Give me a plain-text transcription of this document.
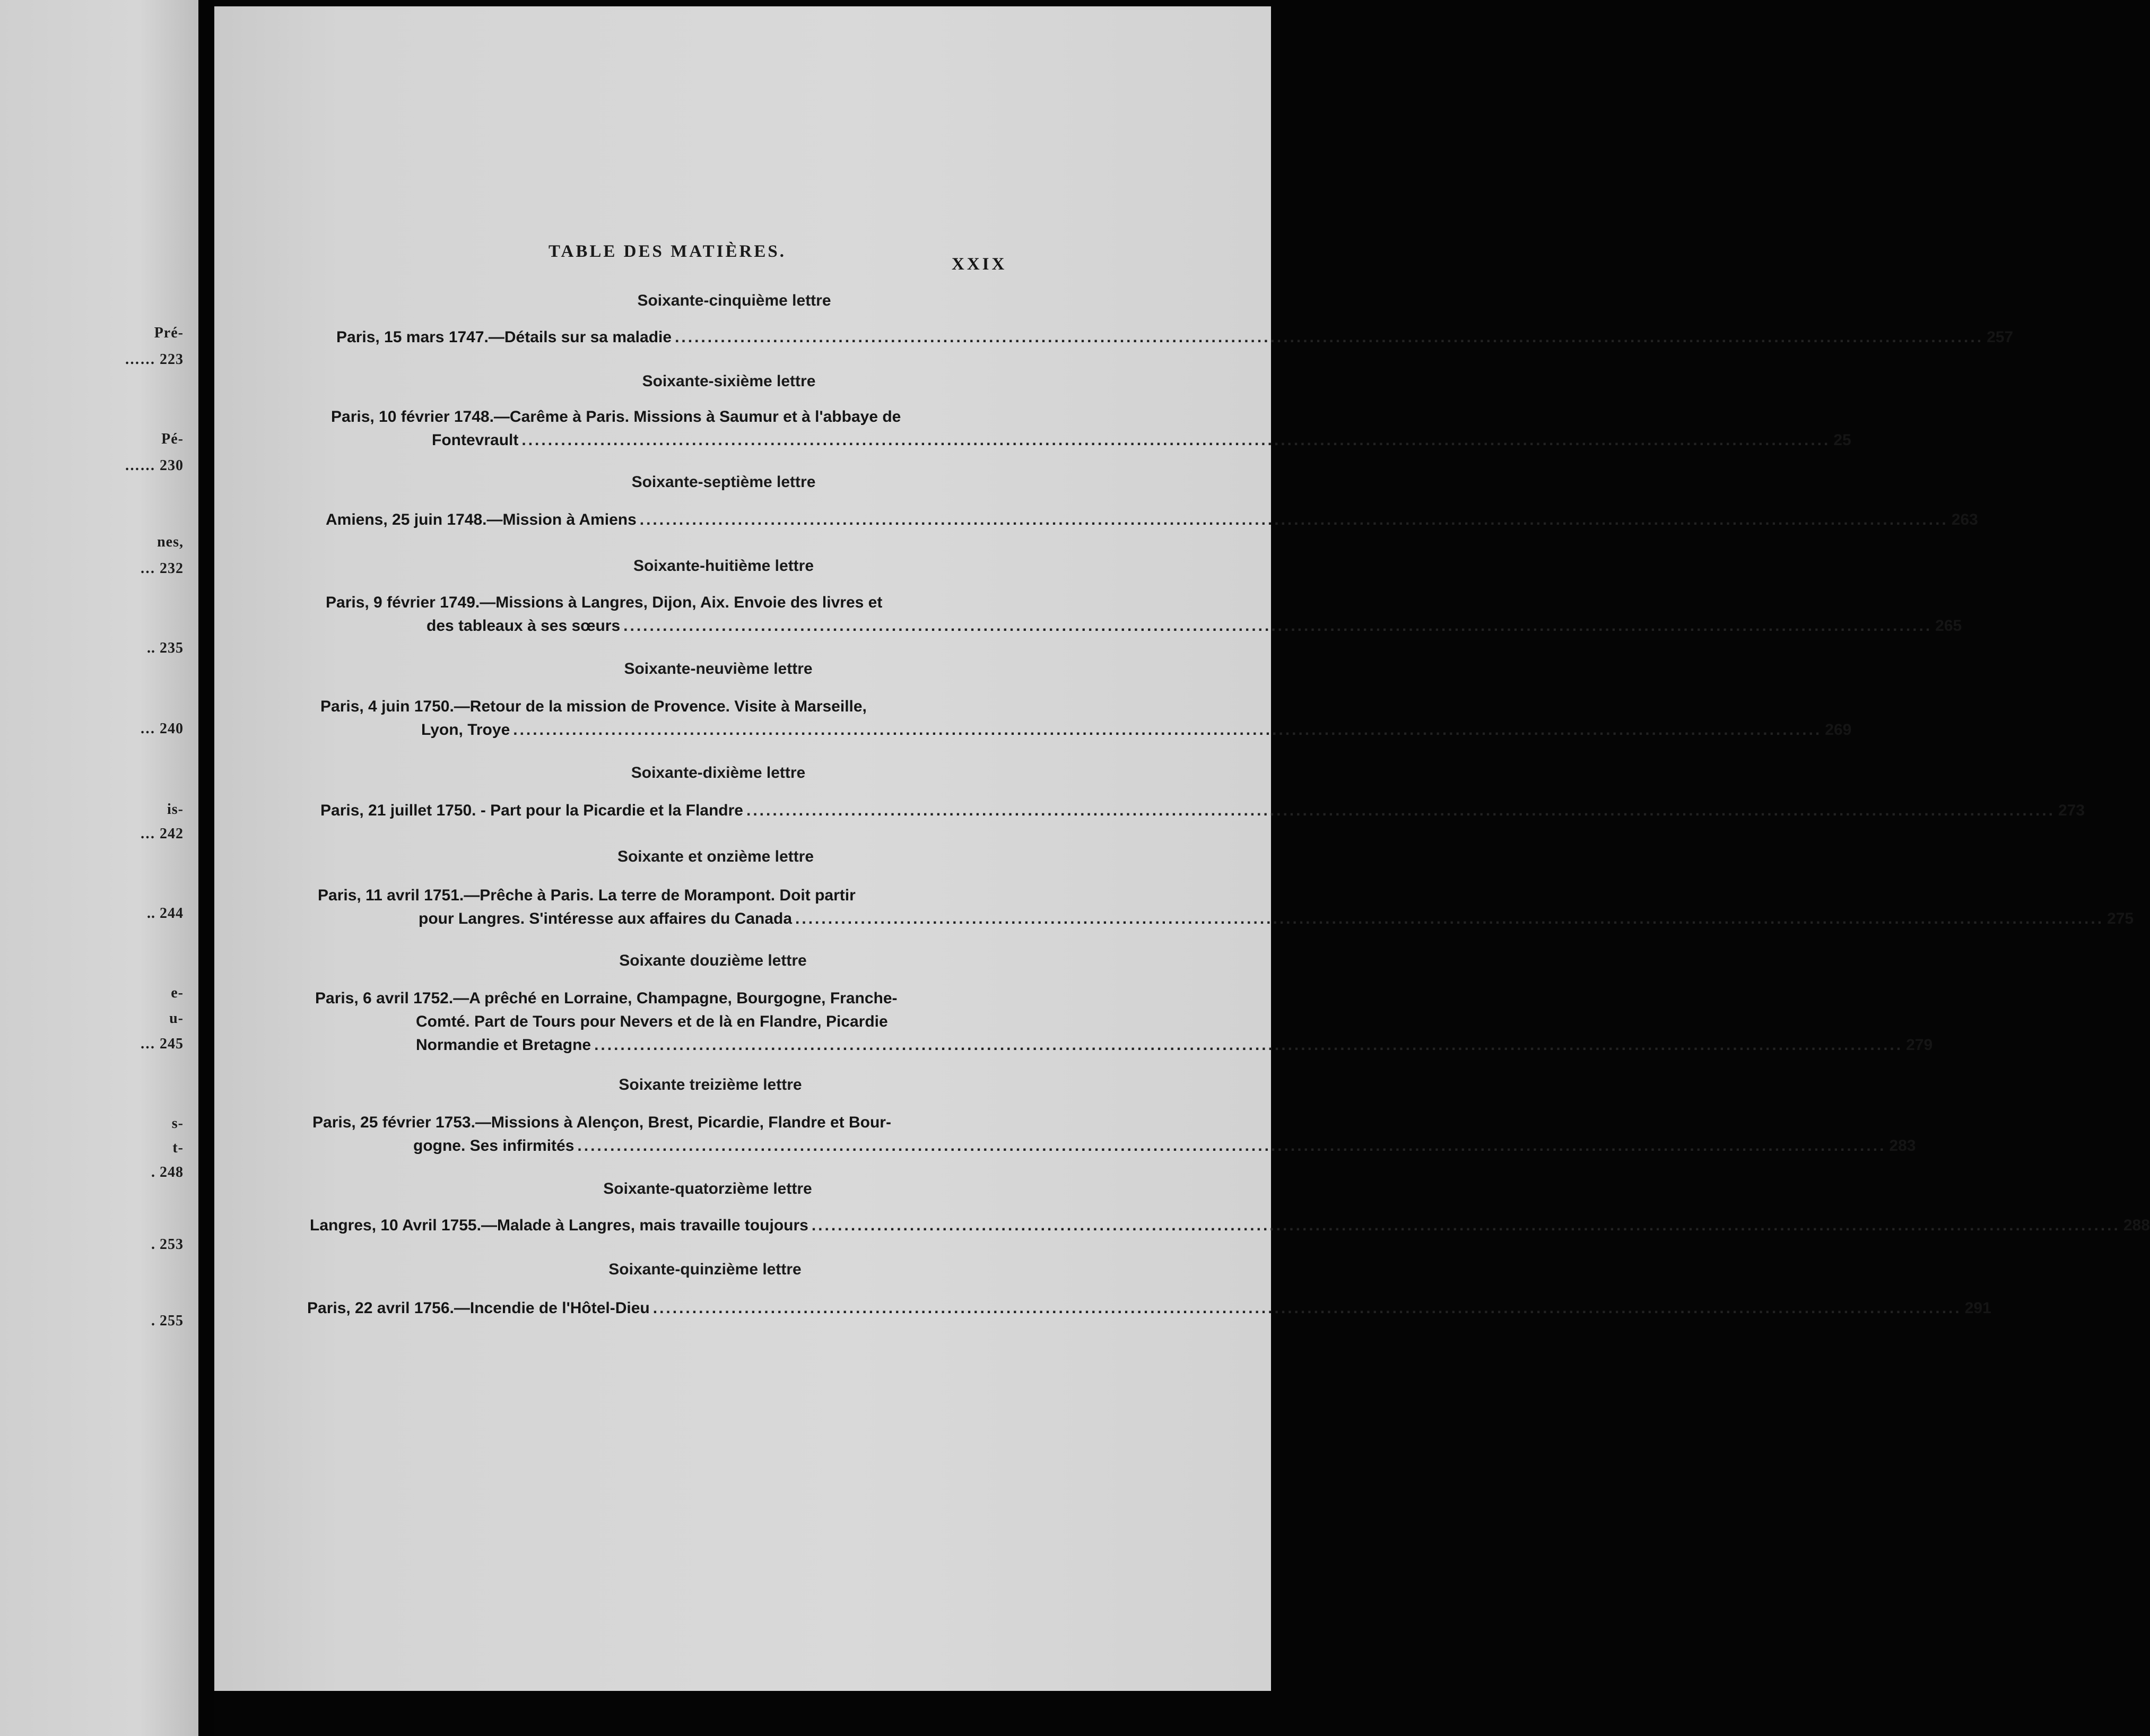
Pré-
…… 223
Pé-
…… 230
nes,
… 232
.. 235
… 240
is-
… 242
.. 244
e-
u-
… 245
s-
t-
. 248
. 253
. 255
TABLE DES MATIÈRES.
XXIX
Soixante-cinquième lettre
Paris, 15 mars 1747.—Détails sur sa maladie ........................................................................................................................................................................................................ 257
Soixante-sixième lettre
Paris, 10 février 1748.—Carême à Paris. Missions à Saumur et à l'abbaye de
Fontevrault ........................................................................................................................................................................................................ 25
Soixante-septième lettre
Amiens, 25 juin 1748.—Mission à Amiens ........................................................................................................................................................................................................ 263
Soixante-huitième lettre
Paris, 9 février 1749.—Missions à Langres, Dijon, Aix. Envoie des livres et
des tableaux à ses sœurs ........................................................................................................................................................................................................ 265
Soixante-neuvième lettre
Paris, 4 juin 1750.—Retour de la mission de Provence. Visite à Marseille,
Lyon, Troye ........................................................................................................................................................................................................ 269
Soixante-dixième lettre
Paris, 21 juillet 1750. - Part pour la Picardie et la Flandre ........................................................................................................................................................................................................ 273
Soixante et onzième lettre
Paris, 11 avril 1751.—Prêche à Paris. La terre de Morampont. Doit partir
pour Langres. S'intéresse aux affaires du Canada ........................................................................................................................................................................................................ 275
Soixante douzième lettre
Paris, 6 avril 1752.—A prêché en Lorraine, Champagne, Bourgogne, Franche-
Comté. Part de Tours pour Nevers et de là en Flandre, Picardie
Normandie et Bretagne ........................................................................................................................................................................................................ 279
Soixante treizième lettre
Paris, 25 février 1753.—Missions à Alençon, Brest, Picardie, Flandre et Bour-
gogne. Ses infirmités ........................................................................................................................................................................................................ 283
Soixante-quatorzième lettre
Langres, 10 Avril 1755.—Malade à Langres, mais travaille toujours ........................................................................................................................................................................................................ 288
Soixante-quinzième lettre
Paris, 22 avril 1756.—Incendie de l'Hôtel-Dieu ........................................................................................................................................................................................................ 291
